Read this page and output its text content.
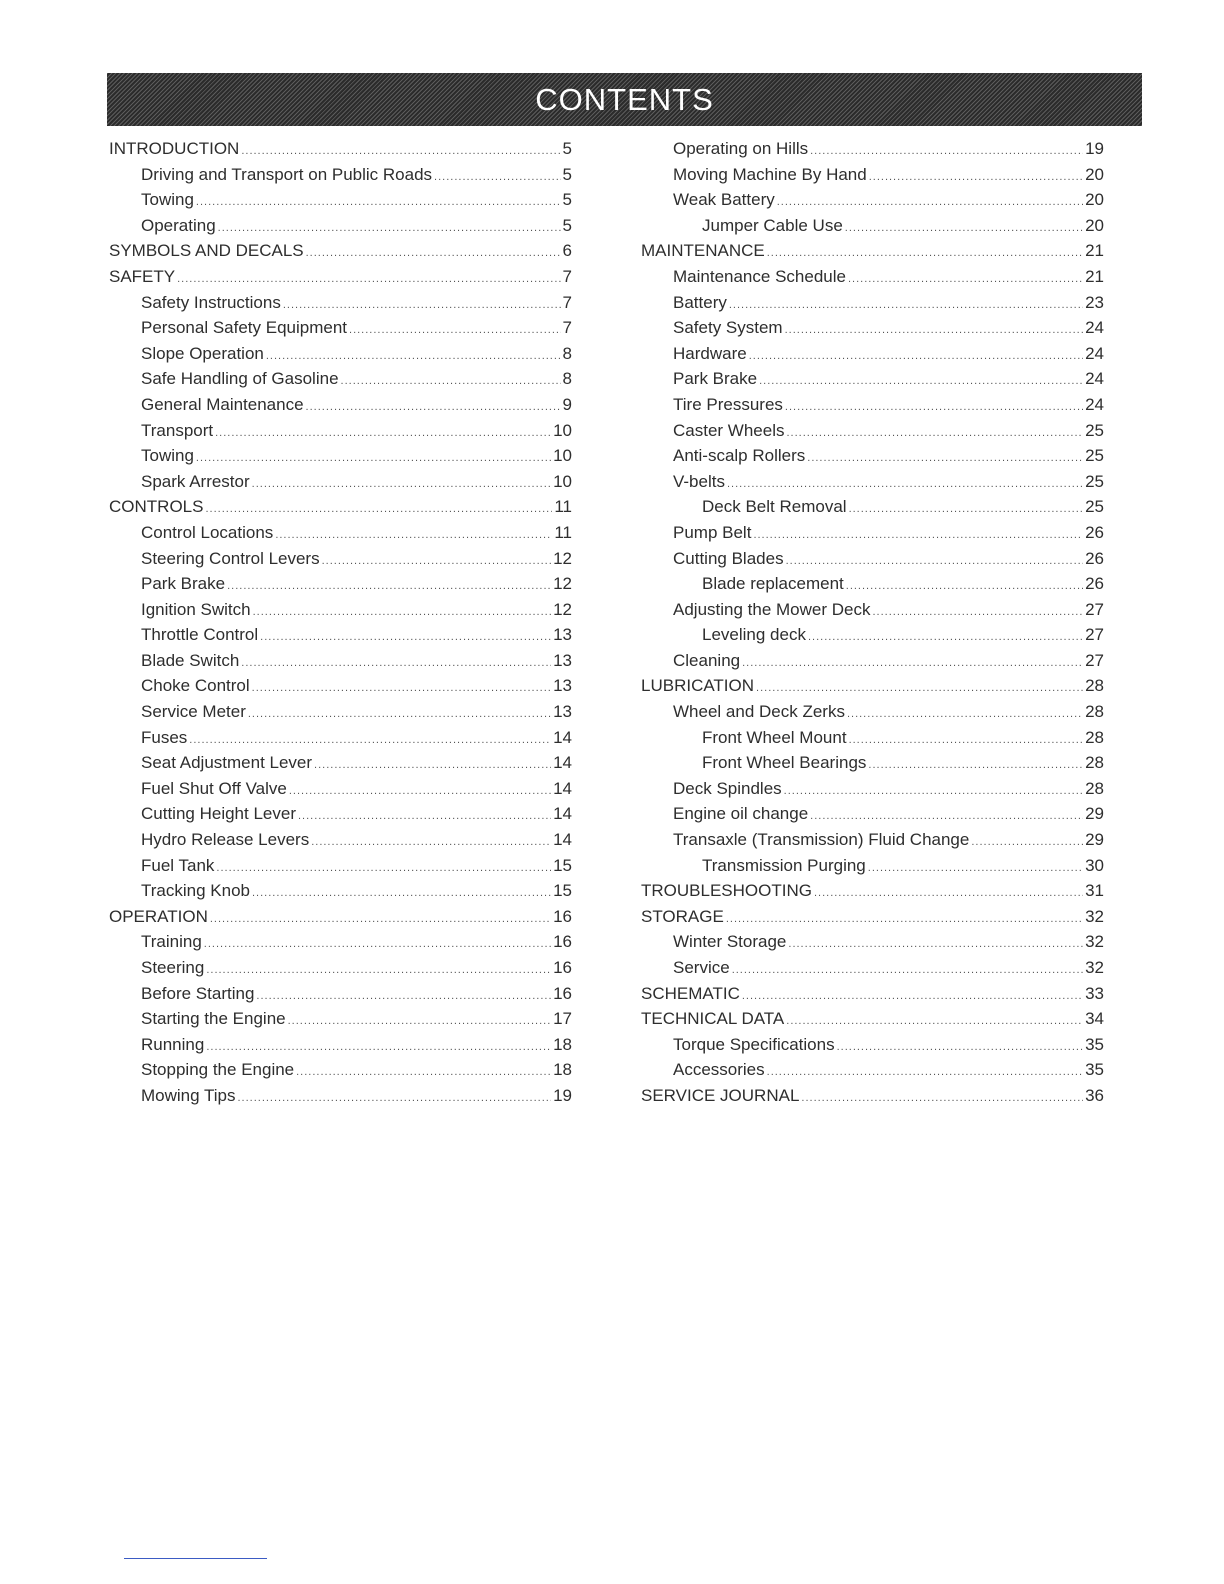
CONTENTS
INTRODUCTION .....	5
Driving and Transport on Public Roads .....	5
Towing .....	5
Operating .....	5
SYMBOLS AND DECALS .....	6
SAFETY .....	7
Safety Instructions .....	7
Personal Safety Equipment .....	7
Slope Operation .....	8
Safe Handling of Gasoline .....	8
General Maintenance .....	9
Transport .....	10
Towing .....	10
Spark Arrestor .....	10
CONTROLS .....	11
Control Locations .....	11
Steering Control Levers .....	12
Park Brake .....	12
Ignition Switch .....	12
Throttle Control .....	13
Blade Switch .....	13
Choke Control .....	13
Service Meter .....	13
Fuses .....	14
Seat Adjustment Lever .....	14
Fuel Shut Off Valve .....	14
Cutting Height Lever .....	14
Hydro Release Levers .....	14
Fuel Tank .....	15
Tracking Knob .....	15
OPERATION .....	16
Training .....	16
Steering .....	16
Before Starting .....	16
Starting the Engine .....	17
Running .....	18
Stopping the Engine .....	18
Mowing Tips .....	19
Operating on Hills .....	19
Moving Machine By Hand .....	20
Weak Battery .....	20
Jumper Cable Use .....	20
MAINTENANCE .....	21
Maintenance Schedule .....	21
Battery .....	23
Safety System .....	24
Hardware .....	24
Park Brake .....	24
Tire Pressures .....	24
Caster Wheels .....	25
Anti-scalp Rollers .....	25
V-belts .....	25
Deck Belt Removal .....	25
Pump Belt .....	26
Cutting Blades .....	26
Blade replacement .....	26
Adjusting the Mower Deck .....	27
Leveling deck .....	27
Cleaning .....	27
LUBRICATION .....	28
Wheel and Deck Zerks .....	28
Front Wheel Mount .....	28
Front Wheel Bearings .....	28
Deck Spindles .....	28
Engine oil change .....	29
Transaxle (Transmission) Fluid Change .....	29
Transmission Purging .....	30
TROUBLESHOOTING .....	31
STORAGE .....	32
Winter Storage .....	32
Service .....	32
SCHEMATIC .....	33
TECHNICAL DATA .....	34
Torque Specifications .....	35
Accessories .....	35
SERVICE JOURNAL .....	36
